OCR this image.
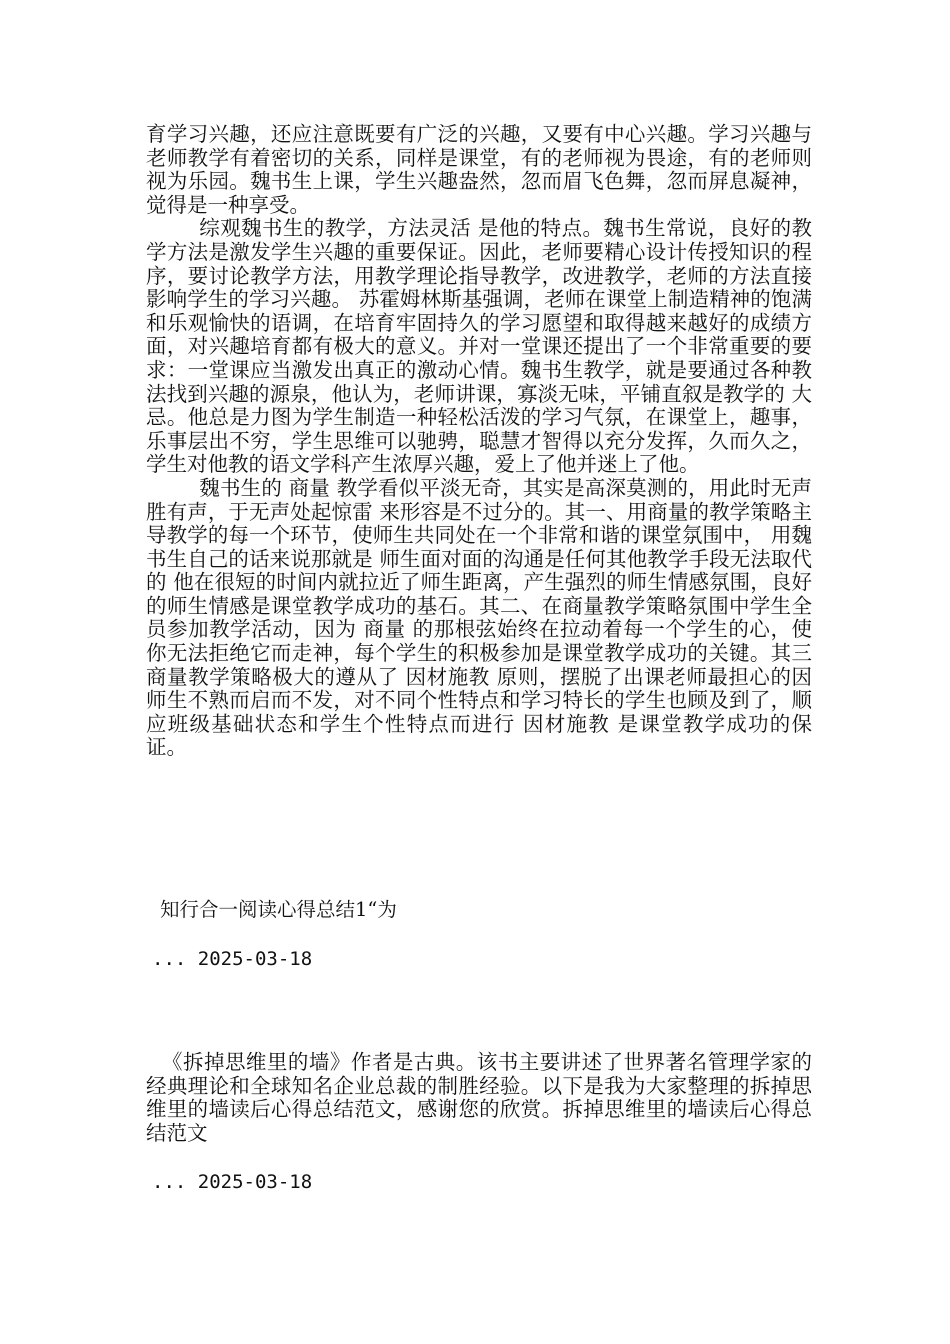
育学习兴趣，还应注意既要有广泛的兴趣，又要有中心兴趣。学习兴趣与老师教学有着密切的关系，同样是课堂，有的老师视为畏途，有的老师则视为乐园。魏书生上课，学生兴趣盎然，忽而眉飞色舞，忽而屏息凝神，觉得是一种享受。

综观魏书生的教学，方法灵活 是他的特点。魏书生常说，良好的教学方法是激发学生兴趣的重要保证。因此，老师要精心设计传授知识的程序，要讨论教学方法，用教学理论指导教学，改进教学，老师的方法直接影响学生的学习兴趣。 苏霍姆林斯基强调，老师在课堂上制造精神的饱满和乐观愉快的语调，在培育牢固持久的学习愿望和取得越来越好的成绩方面，对兴趣培育都有极大的意义。并对一堂课还提出了一个非常重要的要求：一堂课应当激发出真正的激动心情。魏书生教学，就是要通过各种教法找到兴趣的源泉，他认为，老师讲课，寡淡无味，平铺直叙是教学的 大忌。他总是力图为学生制造一种轻松活泼的学习气氛，在课堂上，趣事，乐事层出不穷，学生思维可以驰骋，聪慧才智得以充分发挥，久而久之，学生对他教的语文学科产生浓厚兴趣，爱上了他并迷上了他。

魏书生的 商量 教学看似平淡无奇，其实是高深莫测的，用此时无声胜有声，于无声处起惊雷 来形容是不过分的。其一、用商量的教学策略主导教学的每一个环节，使师生共同处在一个非常和谐的课堂氛围中， 用魏书生自己的话来说那就是 师生面对面的沟通是任何其他教学手段无法取代的 他在很短的时间内就拉近了师生距离，产生强烈的师生情感氛围，良好的师生情感是课堂教学成功的基石。其二、在商量教学策略氛围中学生全员参加教学活动，因为 商量 的那根弦始终在拉动着每一个学生的心，使你无法拒绝它而走神，每个学生的积极参加是课堂教学成功的关键。其三商量教学策略极大的遵从了 因材施教 原则，摆脱了出课老师最担心的因师生不熟而启而不发，对不同个性特点和学习特长的学生也顾及到了，顺应班级基础状态和学生个性特点而进行 因材施教 是课堂教学成功的保证。

知行合一阅读心得总结1“为

... 2025-03-18

《拆掉思维里的墙》作者是古典。该书主要讲述了世界著名管理学家的经典理论和全球知名企业总裁的制胜经验。以下是我为大家整理的拆掉思维里的墙读后心得总结范文，感谢您的欣赏。拆掉思维里的墙读后心得总结范文

... 2025-03-18
